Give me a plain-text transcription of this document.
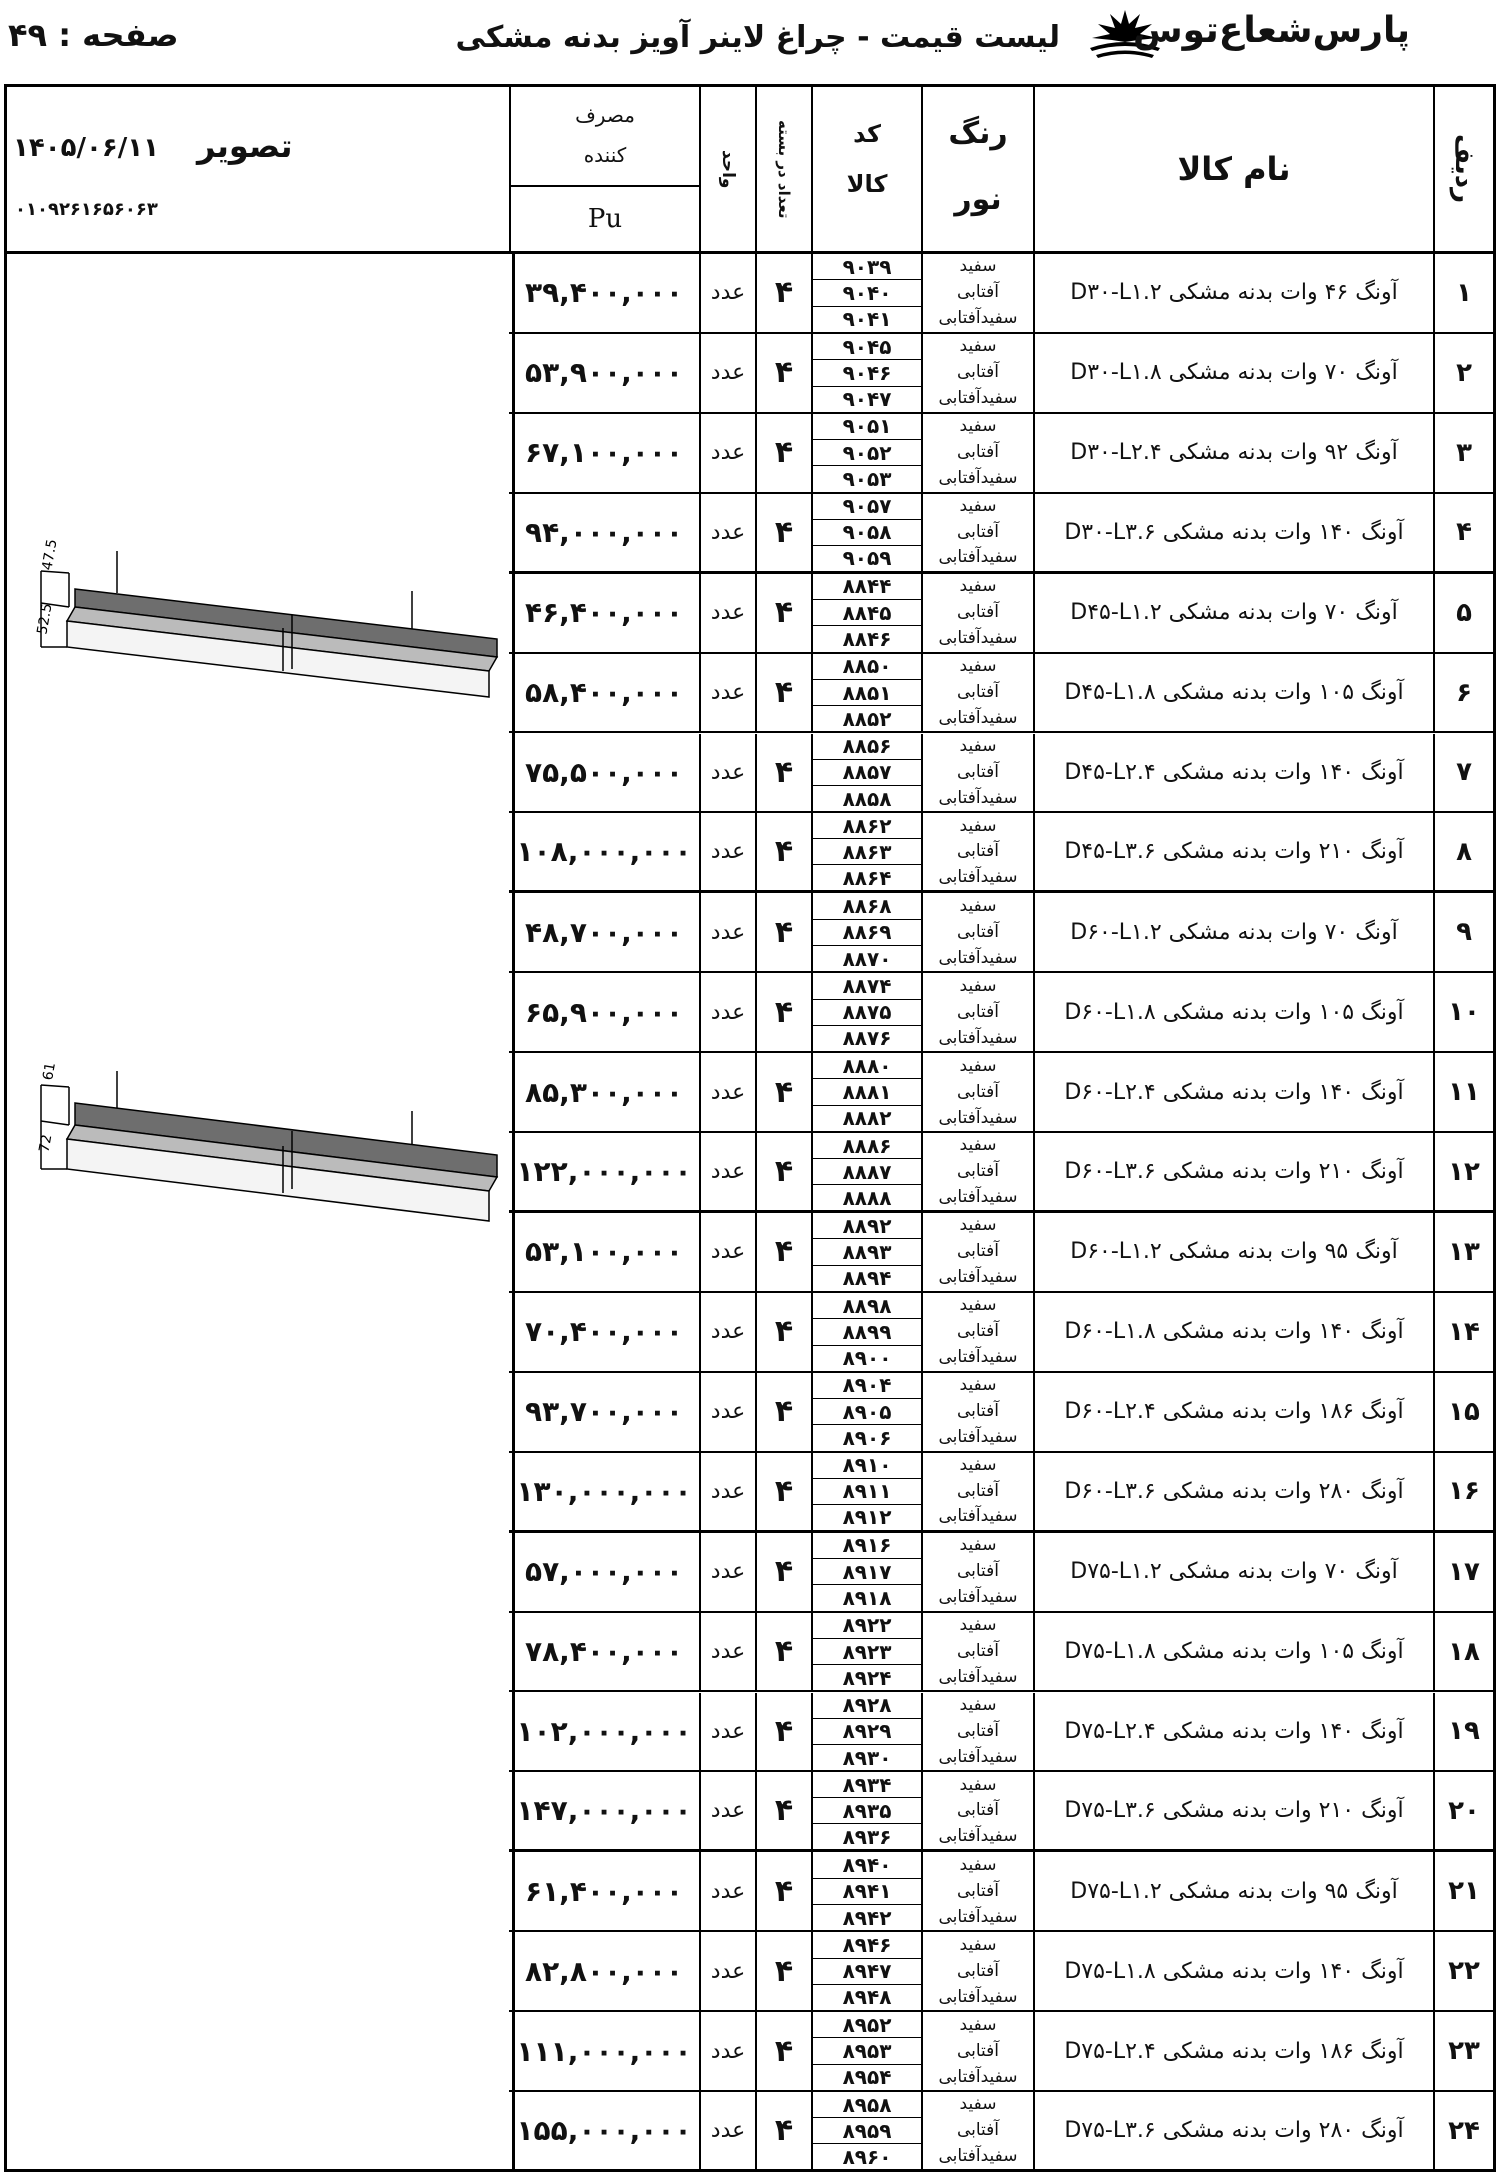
پارس‌شعاع‌توس
لیست قیمت - چراغ لاینر آویز بدنه مشکی
صفحه : ۴۹
ردیف
نام کالا
رنگ
نور
کد
کالا
تعداد در بسته
واحد
مصرف
کننده
Pu
تصویر
۱۴۰۵/۰۶/۱۱
۰۱۰۹۲۶۱۶۵۶۰۶۳
47.5
52.5
61
72
۱
آونگ ۴۶ وات بدنه مشکی D۳۰-L۱.۲
سفید
آفتابی
سفیدآفتابی
۹۰۳۹
۹۰۴۰
۹۰۴۱
۴
عدد
۳۹,۴۰۰,۰۰۰
۲
آونگ ۷۰ وات بدنه مشکی D۳۰-L۱.۸
سفید
آفتابی
سفیدآفتابی
۹۰۴۵
۹۰۴۶
۹۰۴۷
۴
عدد
۵۳,۹۰۰,۰۰۰
۳
آونگ ۹۲ وات بدنه مشکی D۳۰-L۲.۴
سفید
آفتابی
سفیدآفتابی
۹۰۵۱
۹۰۵۲
۹۰۵۳
۴
عدد
۶۷,۱۰۰,۰۰۰
۴
آونگ ۱۴۰ وات بدنه مشکی D۳۰-L۳.۶
سفید
آفتابی
سفیدآفتابی
۹۰۵۷
۹۰۵۸
۹۰۵۹
۴
عدد
۹۴,۰۰۰,۰۰۰
۵
آونگ ۷۰ وات بدنه مشکی D۴۵-L۱.۲
سفید
آفتابی
سفیدآفتابی
۸۸۴۴
۸۸۴۵
۸۸۴۶
۴
عدد
۴۶,۴۰۰,۰۰۰
۶
آونگ ۱۰۵ وات بدنه مشکی D۴۵-L۱.۸
سفید
آفتابی
سفیدآفتابی
۸۸۵۰
۸۸۵۱
۸۸۵۲
۴
عدد
۵۸,۴۰۰,۰۰۰
۷
آونگ ۱۴۰ وات بدنه مشکی D۴۵-L۲.۴
سفید
آفتابی
سفیدآفتابی
۸۸۵۶
۸۸۵۷
۸۸۵۸
۴
عدد
۷۵,۵۰۰,۰۰۰
۸
آونگ ۲۱۰ وات بدنه مشکی D۴۵-L۳.۶
سفید
آفتابی
سفیدآفتابی
۸۸۶۲
۸۸۶۳
۸۸۶۴
۴
عدد
۱۰۸,۰۰۰,۰۰۰
۹
آونگ ۷۰ وات بدنه مشکی D۶۰-L۱.۲
سفید
آفتابی
سفیدآفتابی
۸۸۶۸
۸۸۶۹
۸۸۷۰
۴
عدد
۴۸,۷۰۰,۰۰۰
۱۰
آونگ ۱۰۵ وات بدنه مشکی D۶۰-L۱.۸
سفید
آفتابی
سفیدآفتابی
۸۸۷۴
۸۸۷۵
۸۸۷۶
۴
عدد
۶۵,۹۰۰,۰۰۰
۱۱
آونگ ۱۴۰ وات بدنه مشکی D۶۰-L۲.۴
سفید
آفتابی
سفیدآفتابی
۸۸۸۰
۸۸۸۱
۸۸۸۲
۴
عدد
۸۵,۳۰۰,۰۰۰
۱۲
آونگ ۲۱۰ وات بدنه مشکی D۶۰-L۳.۶
سفید
آفتابی
سفیدآفتابی
۸۸۸۶
۸۸۸۷
۸۸۸۸
۴
عدد
۱۲۲,۰۰۰,۰۰۰
۱۳
آونگ ۹۵ وات بدنه مشکی D۶۰-L۱.۲
سفید
آفتابی
سفیدآفتابی
۸۸۹۲
۸۸۹۳
۸۸۹۴
۴
عدد
۵۳,۱۰۰,۰۰۰
۱۴
آونگ ۱۴۰ وات بدنه مشکی D۶۰-L۱.۸
سفید
آفتابی
سفیدآفتابی
۸۸۹۸
۸۸۹۹
۸۹۰۰
۴
عدد
۷۰,۴۰۰,۰۰۰
۱۵
آونگ ۱۸۶ وات بدنه مشکی D۶۰-L۲.۴
سفید
آفتابی
سفیدآفتابی
۸۹۰۴
۸۹۰۵
۸۹۰۶
۴
عدد
۹۳,۷۰۰,۰۰۰
۱۶
آونگ ۲۸۰ وات بدنه مشکی D۶۰-L۳.۶
سفید
آفتابی
سفیدآفتابی
۸۹۱۰
۸۹۱۱
۸۹۱۲
۴
عدد
۱۳۰,۰۰۰,۰۰۰
۱۷
آونگ ۷۰ وات بدنه مشکی D۷۵-L۱.۲
سفید
آفتابی
سفیدآفتابی
۸۹۱۶
۸۹۱۷
۸۹۱۸
۴
عدد
۵۷,۰۰۰,۰۰۰
۱۸
آونگ ۱۰۵ وات بدنه مشکی D۷۵-L۱.۸
سفید
آفتابی
سفیدآفتابی
۸۹۲۲
۸۹۲۳
۸۹۲۴
۴
عدد
۷۸,۴۰۰,۰۰۰
۱۹
آونگ ۱۴۰ وات بدنه مشکی D۷۵-L۲.۴
سفید
آفتابی
سفیدآفتابی
۸۹۲۸
۸۹۲۹
۸۹۳۰
۴
عدد
۱۰۲,۰۰۰,۰۰۰
۲۰
آونگ ۲۱۰ وات بدنه مشکی D۷۵-L۳.۶
سفید
آفتابی
سفیدآفتابی
۸۹۳۴
۸۹۳۵
۸۹۳۶
۴
عدد
۱۴۷,۰۰۰,۰۰۰
۲۱
آونگ ۹۵ وات بدنه مشکی D۷۵-L۱.۲
سفید
آفتابی
سفیدآفتابی
۸۹۴۰
۸۹۴۱
۸۹۴۲
۴
عدد
۶۱,۴۰۰,۰۰۰
۲۲
آونگ ۱۴۰ وات بدنه مشکی D۷۵-L۱.۸
سفید
آفتابی
سفیدآفتابی
۸۹۴۶
۸۹۴۷
۸۹۴۸
۴
عدد
۸۲,۸۰۰,۰۰۰
۲۳
آونگ ۱۸۶ وات بدنه مشکی D۷۵-L۲.۴
سفید
آفتابی
سفیدآفتابی
۸۹۵۲
۸۹۵۳
۸۹۵۴
۴
عدد
۱۱۱,۰۰۰,۰۰۰
۲۴
آونگ ۲۸۰ وات بدنه مشکی D۷۵-L۳.۶
سفید
آفتابی
سفیدآفتابی
۸۹۵۸
۸۹۵۹
۸۹۶۰
۴
عدد
۱۵۵,۰۰۰,۰۰۰
